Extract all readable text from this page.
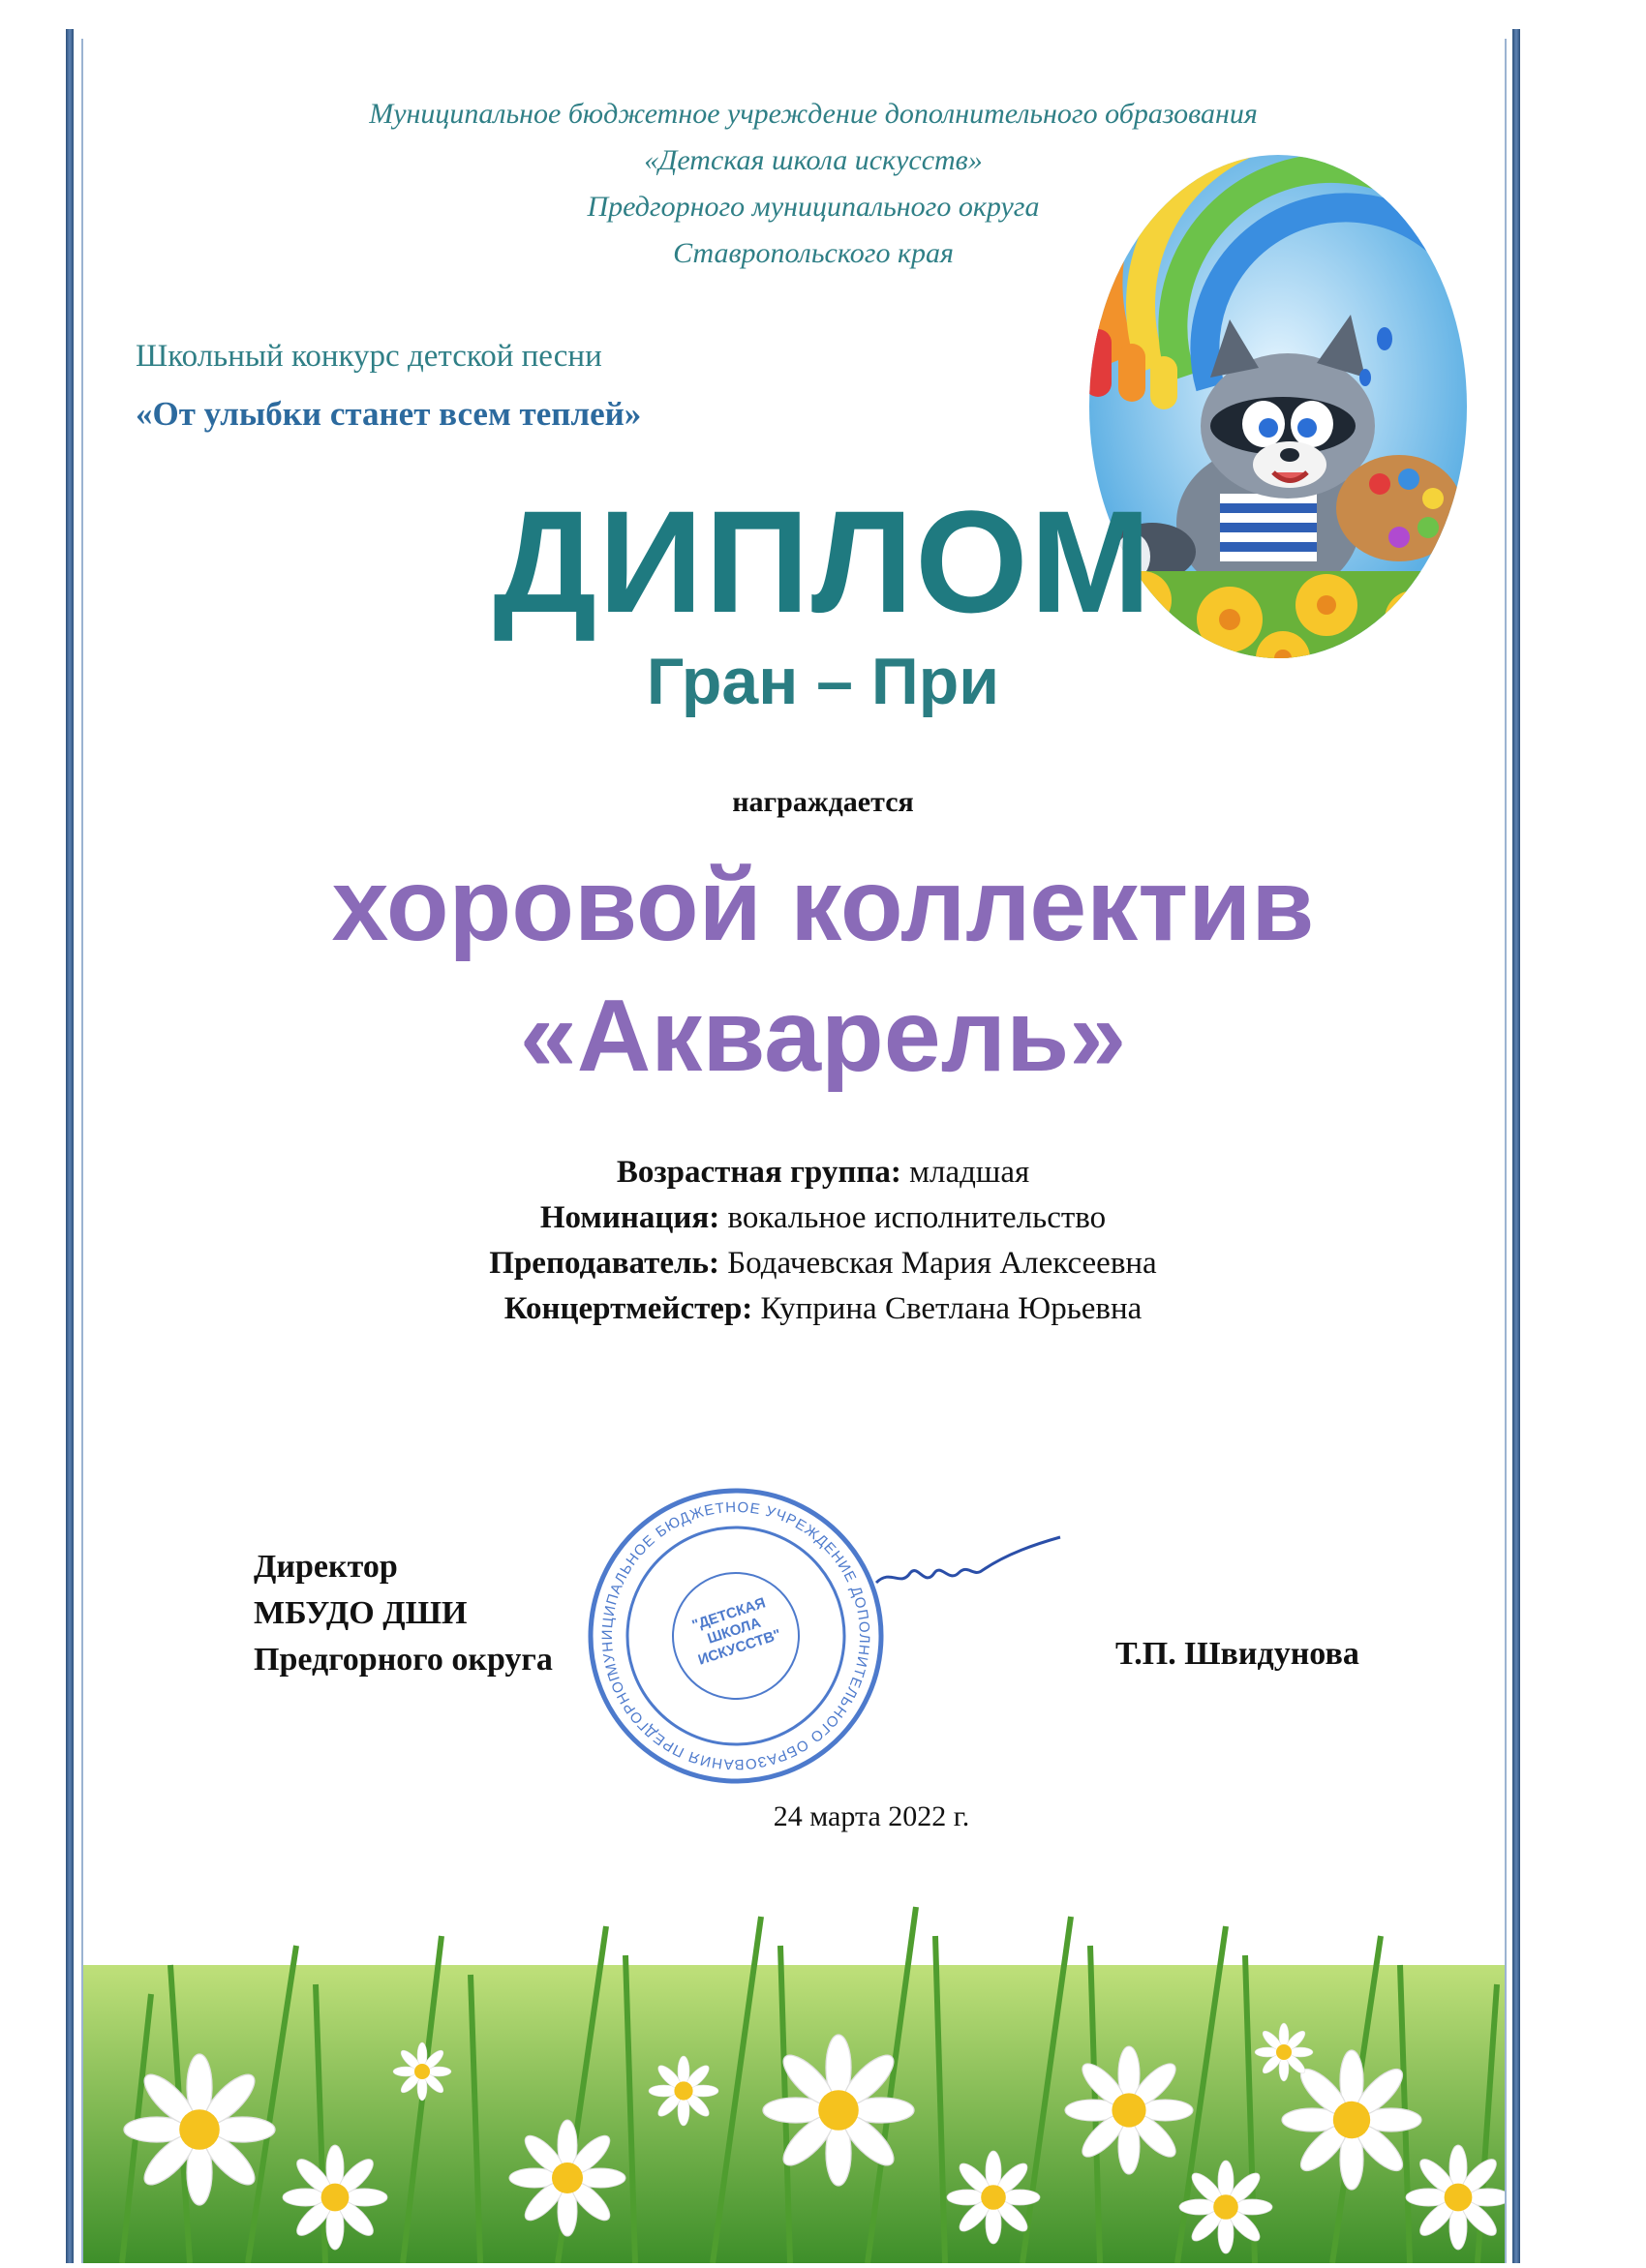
Муниципальное бюджетное учреждение дополнительного образования
«Детская школа искусств»
Предгорного муниципального округа
Ставропольского края
Школьный конкурс детской песни
«От улыбки станет всем теплей»
ДИПЛОМ
Гран – При
награждается
хоровой коллектив
«Акварель»
Возрастная группа: младшая
Номинация: вокальное исполнительство
Преподаватель: Бодачевская Мария Алексеевна
Концертмейстер: Куприна Светлана Юрьевна
Директор
МБУДО ДШИ
Предгорного округа	МУНИЦИПАЛЬНОЕ БЮДЖЕТНОЕ УЧРЕЖДЕНИЕ ДОПОЛНИТЕЛЬНОГО ОБРАЗОВАНИЯ ПРЕДГОРНОГО
"ДЕТСКАЯ ШКОЛА ИСКУССТВ"	Т.П. Швидунова
24 марта 2022 г.
